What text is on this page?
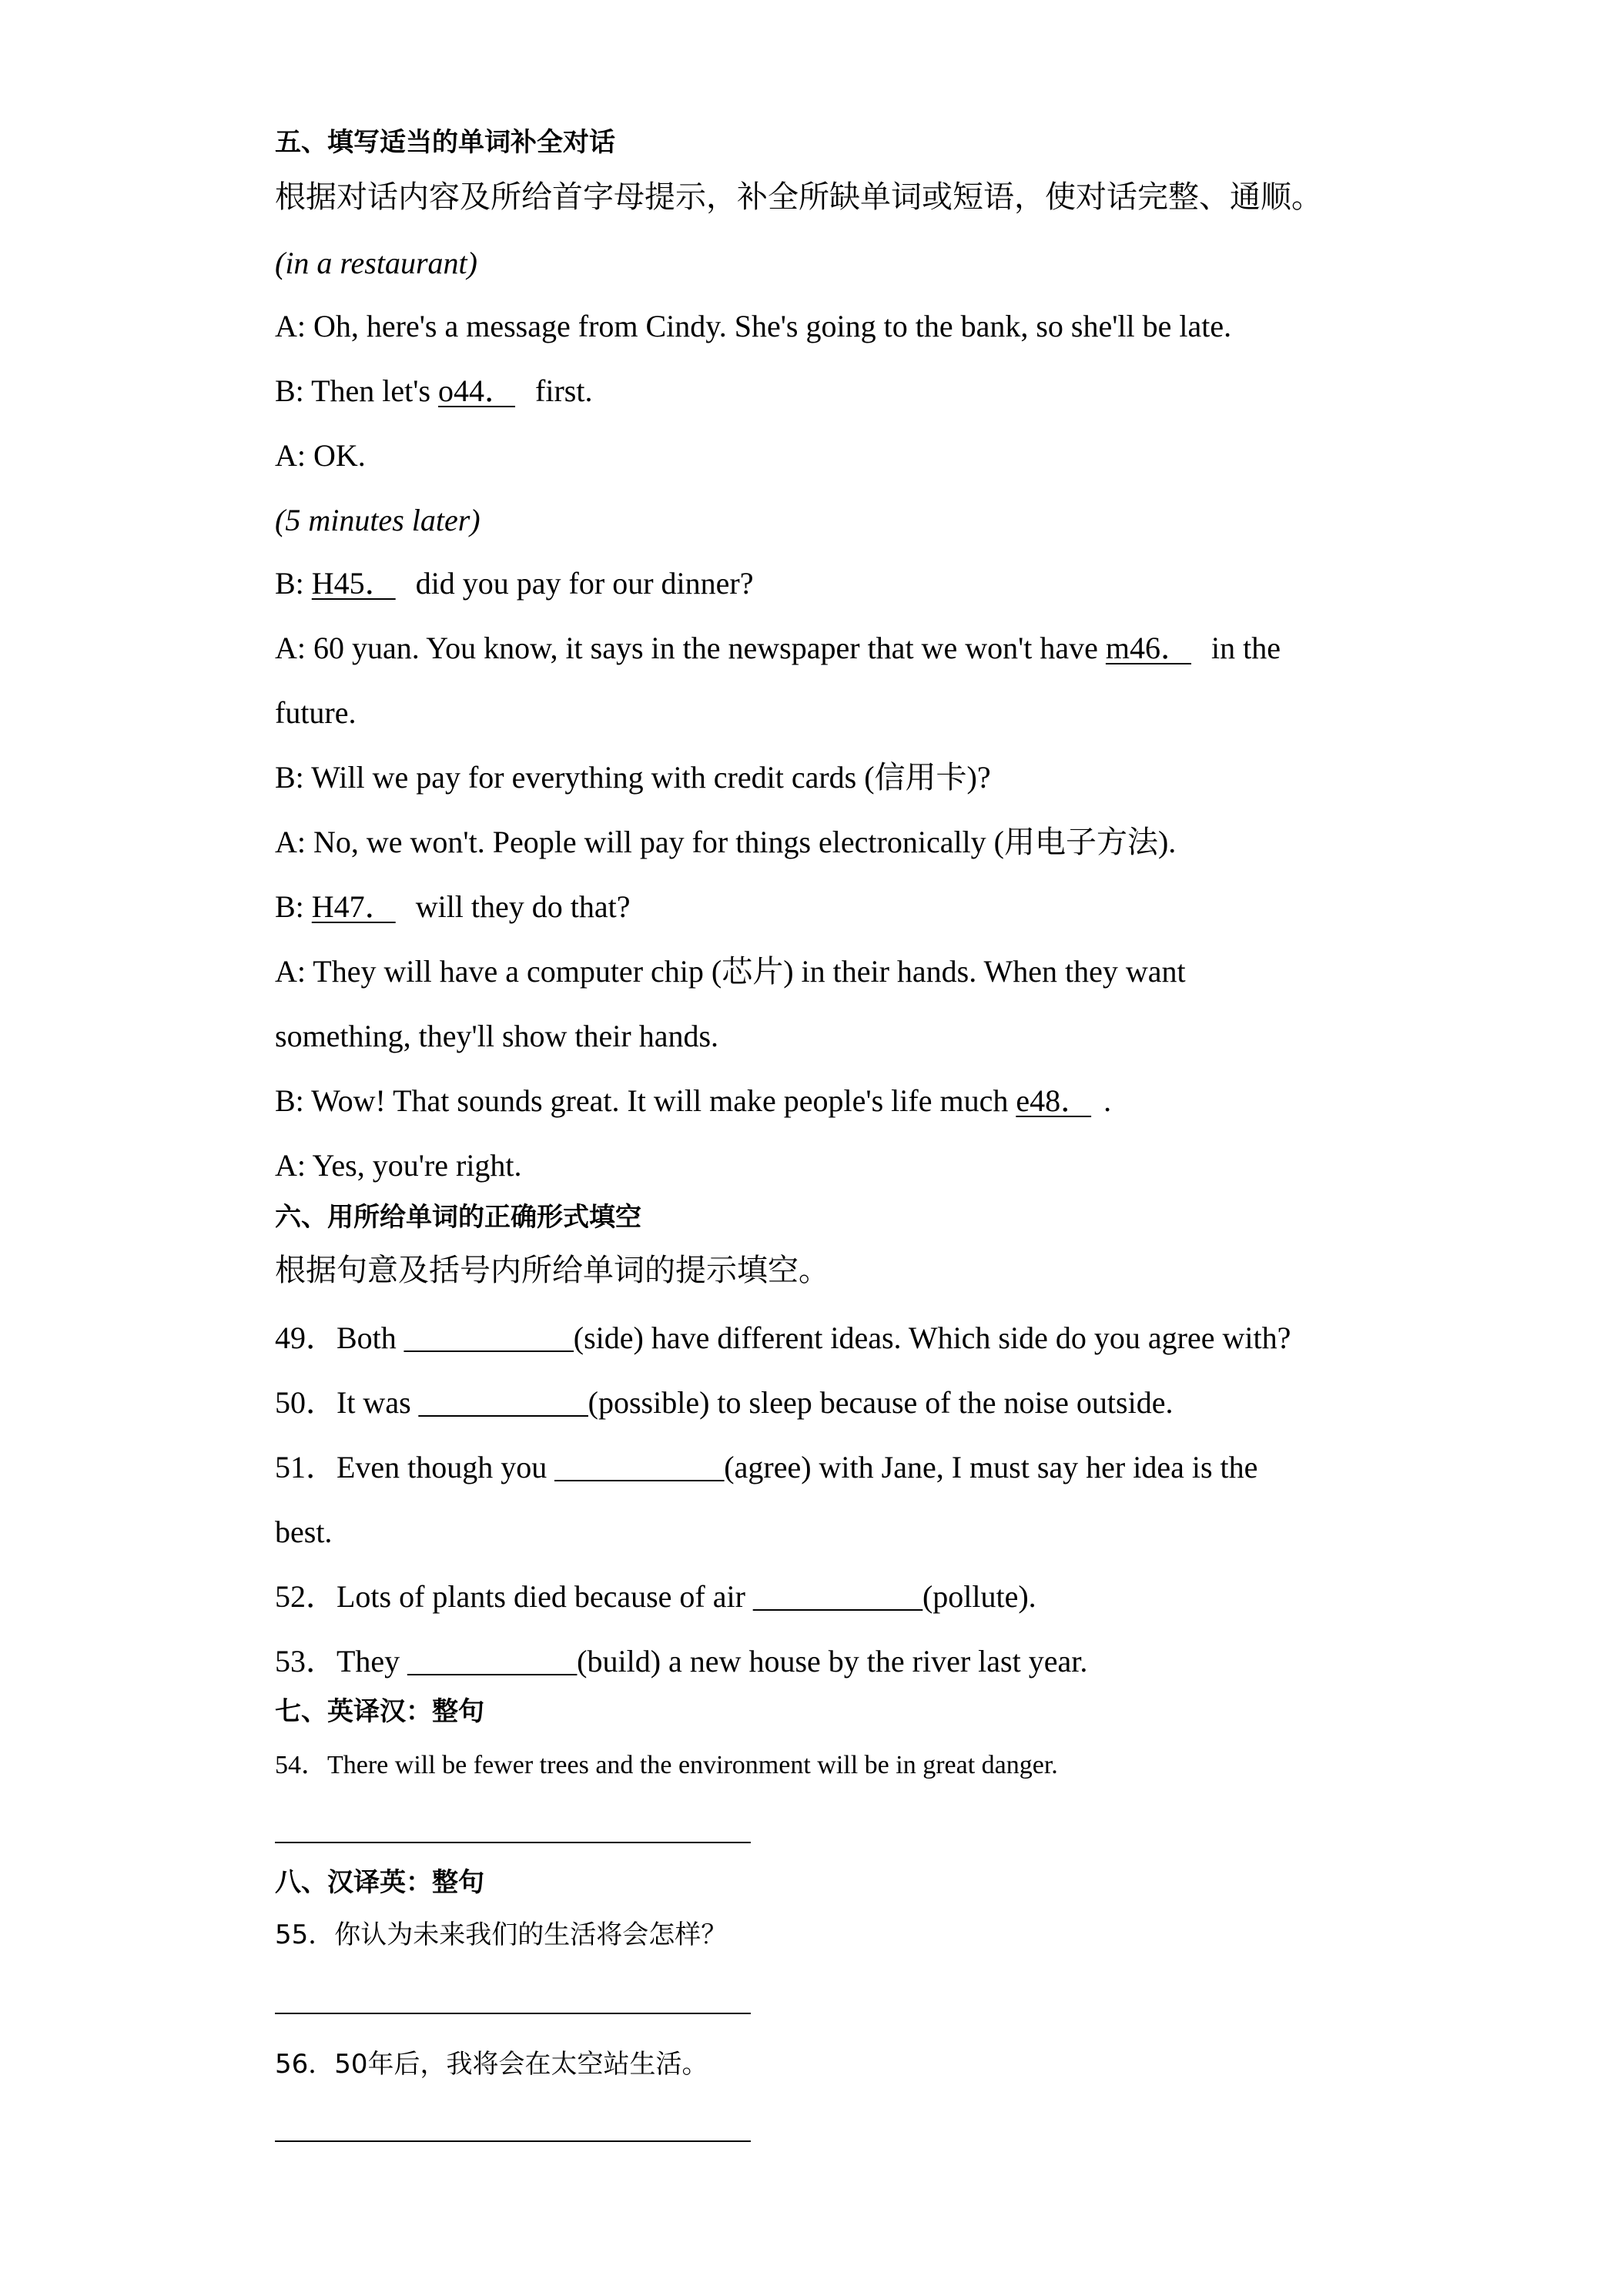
五、填写适当的单词补全对话
根据对话内容及所给首字母提示，补全所缺单词或短语，使对话完整、通顺。
(in a restaurant)
A: Oh, here's a message from Cindy. She's going to the bank, so she'll be late.
B: Then let's o44． first.
A: OK.
(5 minutes later)
B: H45． did you pay for our dinner?
A: 60 yuan. You know, it says in the newspaper that we won't have m46． in the
future.
B: Will we pay for everything with credit cards (信用卡)?
A: No, we won't. People will pay for things electronically (用电子方法).
B: H47． will they do that?
A: They will have a computer chip (芯片) in their hands. When they want
something, they'll show their hands.
B: Wow! That sounds great. It will make people's life much e48． .
A: Yes, you're right.
六、用所给单词的正确形式填空
根据句意及括号内所给单词的提示填空。
49．Both ___________(side) have different ideas. Which side do you agree with?
50．It was ___________(possible) to sleep because of the noise outside.
51．Even though you ___________(agree) with Jane, I must say her idea is the
best.
52．Lots of plants died because of air ___________(pollute).
53．They ___________(build) a new house by the river last year.
七、英译汉：整句
54．There will be fewer trees and the environment will be in great danger.
八、汉译英：整句
55．你认为未来我们的生活将会怎样？
56．50年后，我将会在太空站生活。
